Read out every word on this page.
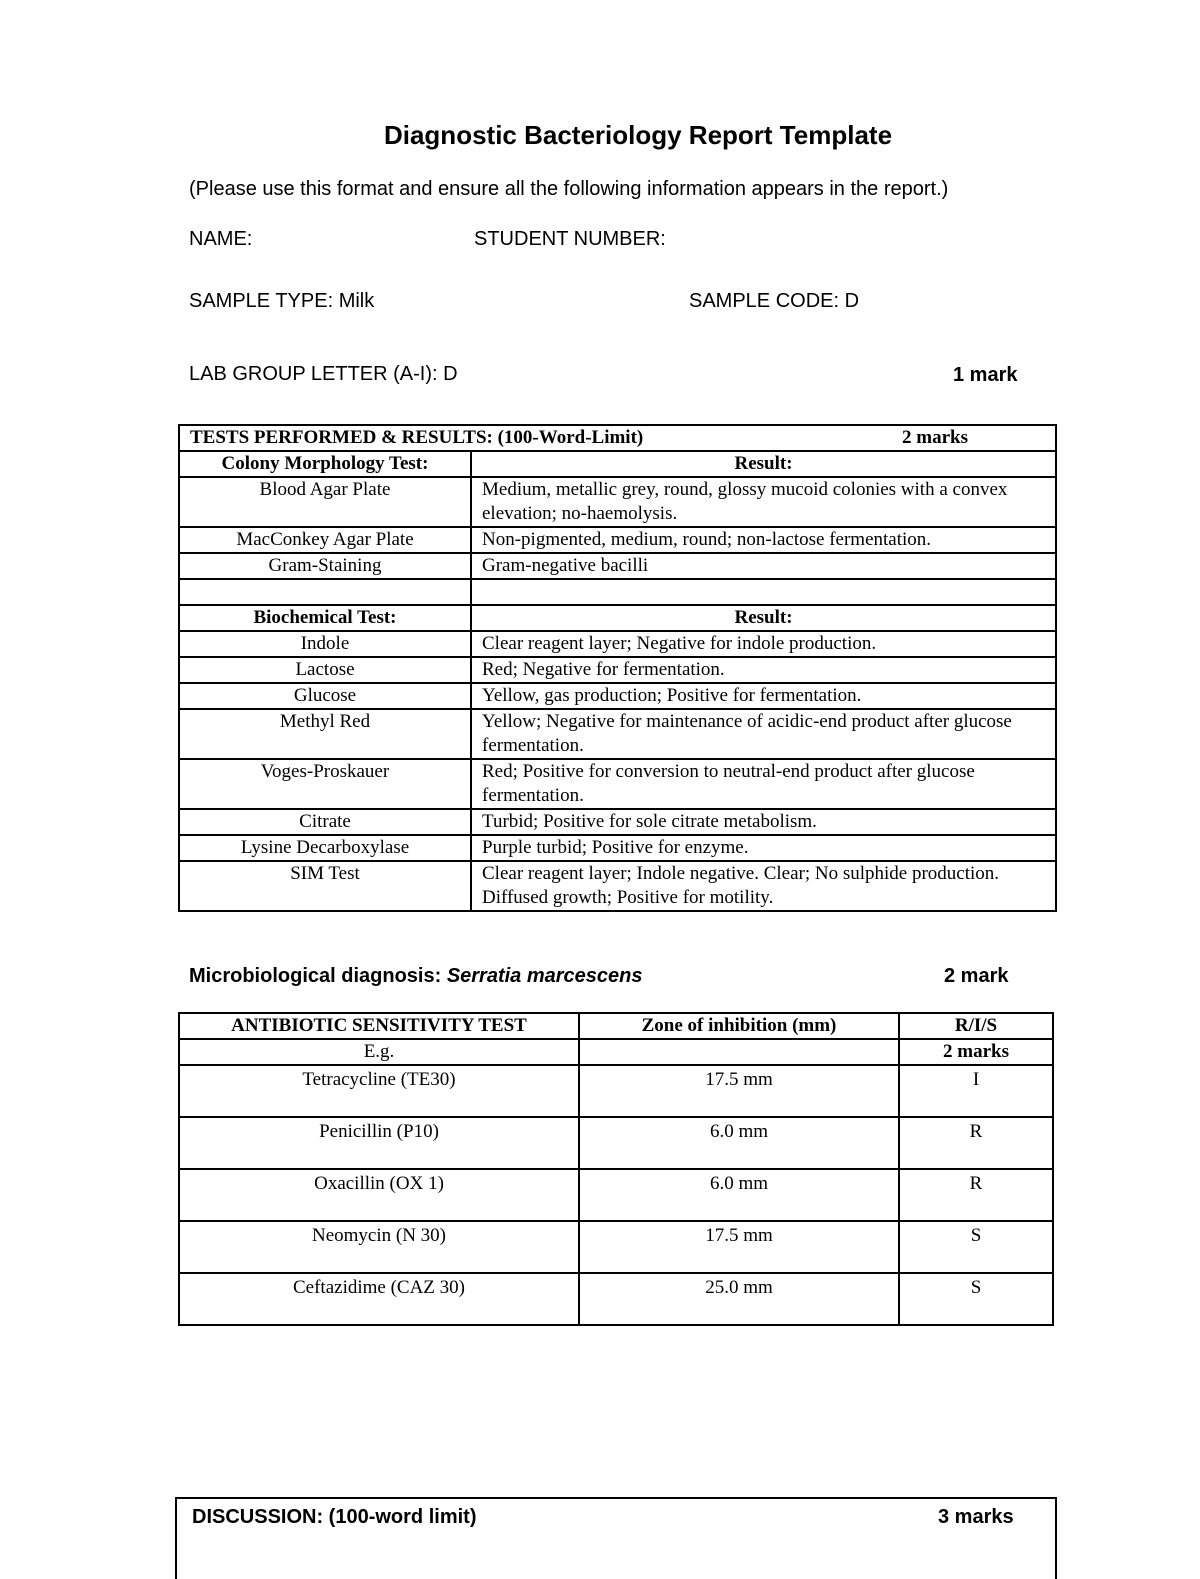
Diagnostic Bacteriology Report Template
(Please use this format and ensure all the following information appears in the report.)
NAME:	STUDENT NUMBER:
SAMPLE TYPE: Milk	SAMPLE CODE: D
LAB GROUP LETTER (A-I): D	1 mark
TESTS PERFORMED & RESULTS: (100-Word-Limit) 2 marks	

Colony Morphology Test:	Result:
Blood Agar Plate	Medium, metallic grey, round, glossy mucoid colonies with a convex elevation; no-haemolysis.
MacConkey Agar Plate	Non-pigmented, medium, round; non-lactose fermentation.
Gram-Staining	Gram-negative bacilli

Biochemical Test:	Result:
Indole	Clear reagent layer; Negative for indole production.
Lactose	Red; Negative for fermentation.
Glucose	Yellow, gas production; Positive for fermentation.
Methyl Red	Yellow; Negative for maintenance of acidic-end product after glucose fermentation.
Voges-Proskauer	Red; Positive for conversion to neutral-end product after glucose fermentation.
Citrate	Turbid; Positive for sole citrate metabolism.
Lysine Decarboxylase	Purple turbid; Positive for enzyme.
SIM Test	Clear reagent layer; Indole negative. Clear; No sulphide production. Diffused growth; Positive for motility.
Microbiological diagnosis: Serratia marcescens	2 mark
ANTIBIOTIC SENSITIVITY TEST	Zone of inhibition (mm)	R/I/S
E.g.		2 marks
Tetracycline (TE30)	17.5 mm	I
Penicillin (P10)	6.0 mm	R
Oxacillin (OX 1)	6.0 mm	R
Neomycin (N 30)	17.5 mm	S
Ceftazidime (CAZ 30)	25.0 mm	S
DISCUSSION: (100-word limit)	3 marks
